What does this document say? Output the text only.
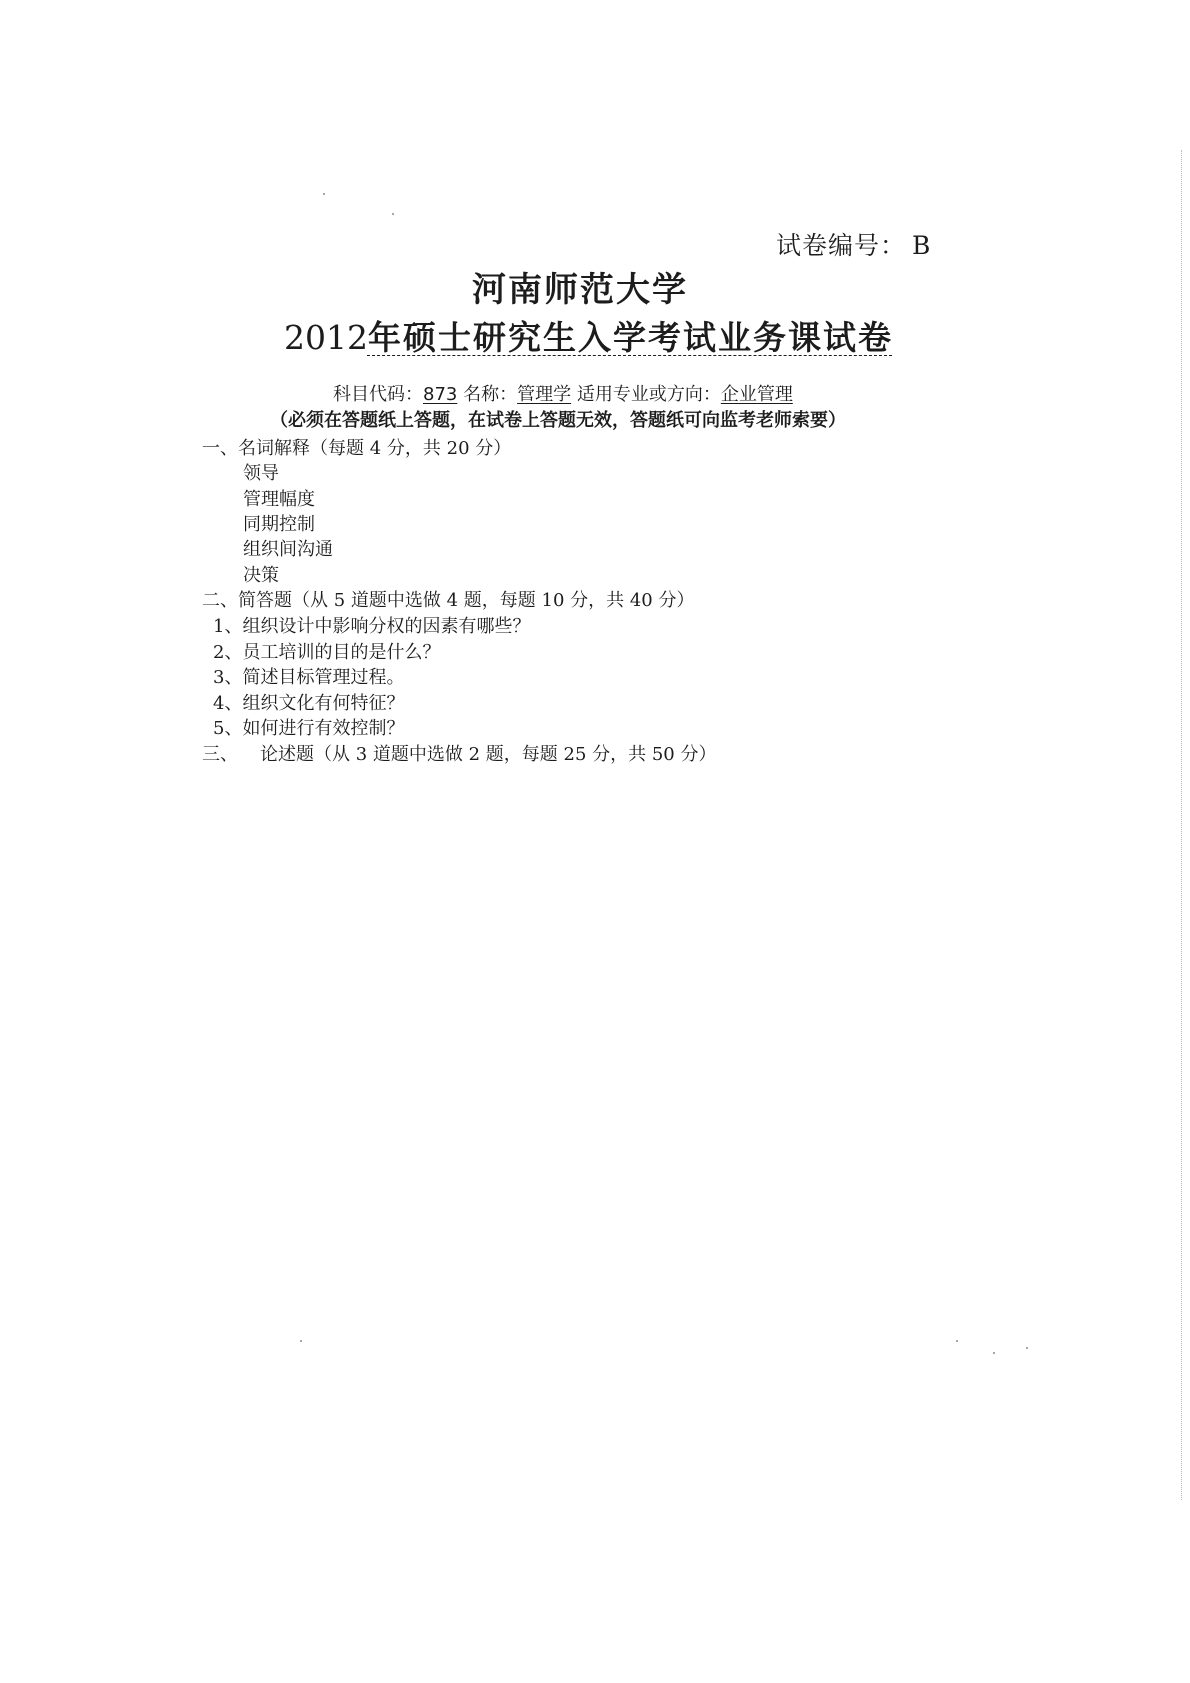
试卷编号： B
河南师范大学
2012年硕士研究生入学考试业务课试卷
科目代码：873 名称：管理学 适用专业或方向：企业管理
（必须在答题纸上答题，在试卷上答题无效，答题纸可向监考老师索要）
一、名词解释（每题 4 分，共 20 分）
领导
管理幅度
同期控制
组织间沟通
决策
二、简答题（从 5 道题中选做 4 题，每题 10 分，共 40 分）
1、组织设计中影响分权的因素有哪些？
2、员工培训的目的是什么？
3、简述目标管理过程。
4、组织文化有何特征？
5、如何进行有效控制？
三、 论述题（从 3 道题中选做 2 题，每题 25 分，共 50 分）
